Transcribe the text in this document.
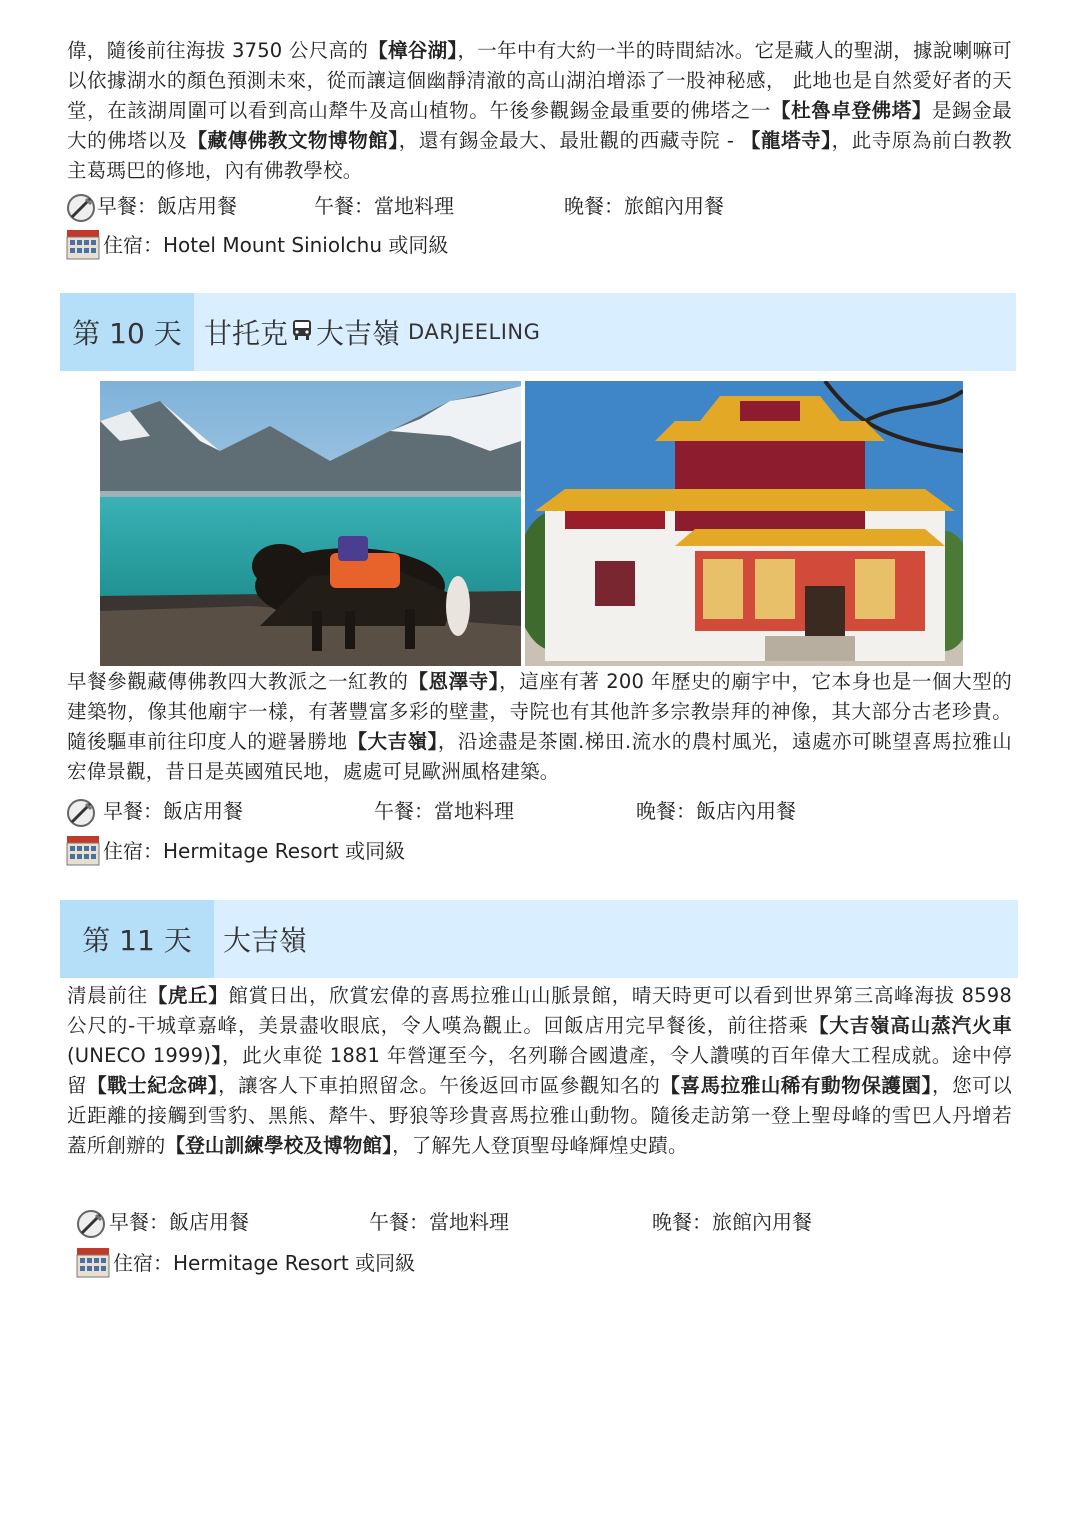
偉，隨後前往海拔 3750 公尺高的【樟谷湖】，一年中有大約一半的時間結冰。它是藏人的聖湖，據說喇嘛可以依據湖水的顏色預測未來，從而讓這個幽靜清澈的高山湖泊增添了一股神秘感， 此地也是自然愛好者的天堂，在該湖周圍可以看到高山犛牛及高山植物。午後參觀錫金最重要的佛塔之一【杜魯卓登佛塔】是錫金最大的佛塔以及【藏傳佛教文物博物館】，還有錫金最大、最壯觀的西藏寺院 - 【龍塔寺】，此寺原為前白教教主葛瑪巴的修地，內有佛教學校。

早餐：飯店用餐	午餐：當地料理	晚餐：旅館內用餐
住宿：Hotel Mount Siniolchu 或同級
第 10 天 甘托克 大吉嶺 DARJEELING

早餐參觀藏傳佛教四大教派之一紅教的【恩澤寺】，這座有著 200 年歷史的廟宇中，它本身也是一個大型的建築物，像其他廟宇一樣，有著豐富多彩的壁畫，寺院也有其他許多宗教崇拜的神像，其大部分古老珍貴。隨後驅車前往印度人的避暑勝地【大吉嶺】，沿途盡是茶園.梯田.流水的農村風光，遠處亦可眺望喜馬拉雅山宏偉景觀，昔日是英國殖民地，處處可見歐洲風格建築。

早餐：飯店用餐	午餐：當地料理	晚餐：飯店內用餐
住宿：Hermitage Resort 或同級
第 11 天	大吉嶺

清晨前往【虎丘】館賞日出，欣賞宏偉的喜馬拉雅山山脈景館，晴天時更可以看到世界第三高峰海拔 8598 公尺的-干城章嘉峰，美景盡收眼底，令人嘆為觀止。回飯店用完早餐後，前往搭乘【大吉嶺高山蒸汽火車(UNECO 1999)】，此火車從 1881 年營運至今，名列聯合國遺產，令人讚嘆的百年偉大工程成就。途中停留【戰士紀念碑】，讓客人下車拍照留念。午後返回市區參觀知名的【喜馬拉雅山稀有動物保護園】，您可以近距離的接觸到雪豹、黑熊、犛牛、野狼等珍貴喜馬拉雅山動物。隨後走訪第一登上聖母峰的雪巴人丹增若蓋所創辦的【登山訓練學校及博物館】，了解先人登頂聖母峰輝煌史蹟。

早餐：飯店用餐	午餐：當地料理	晚餐：旅館內用餐
住宿：Hermitage Resort 或同級
